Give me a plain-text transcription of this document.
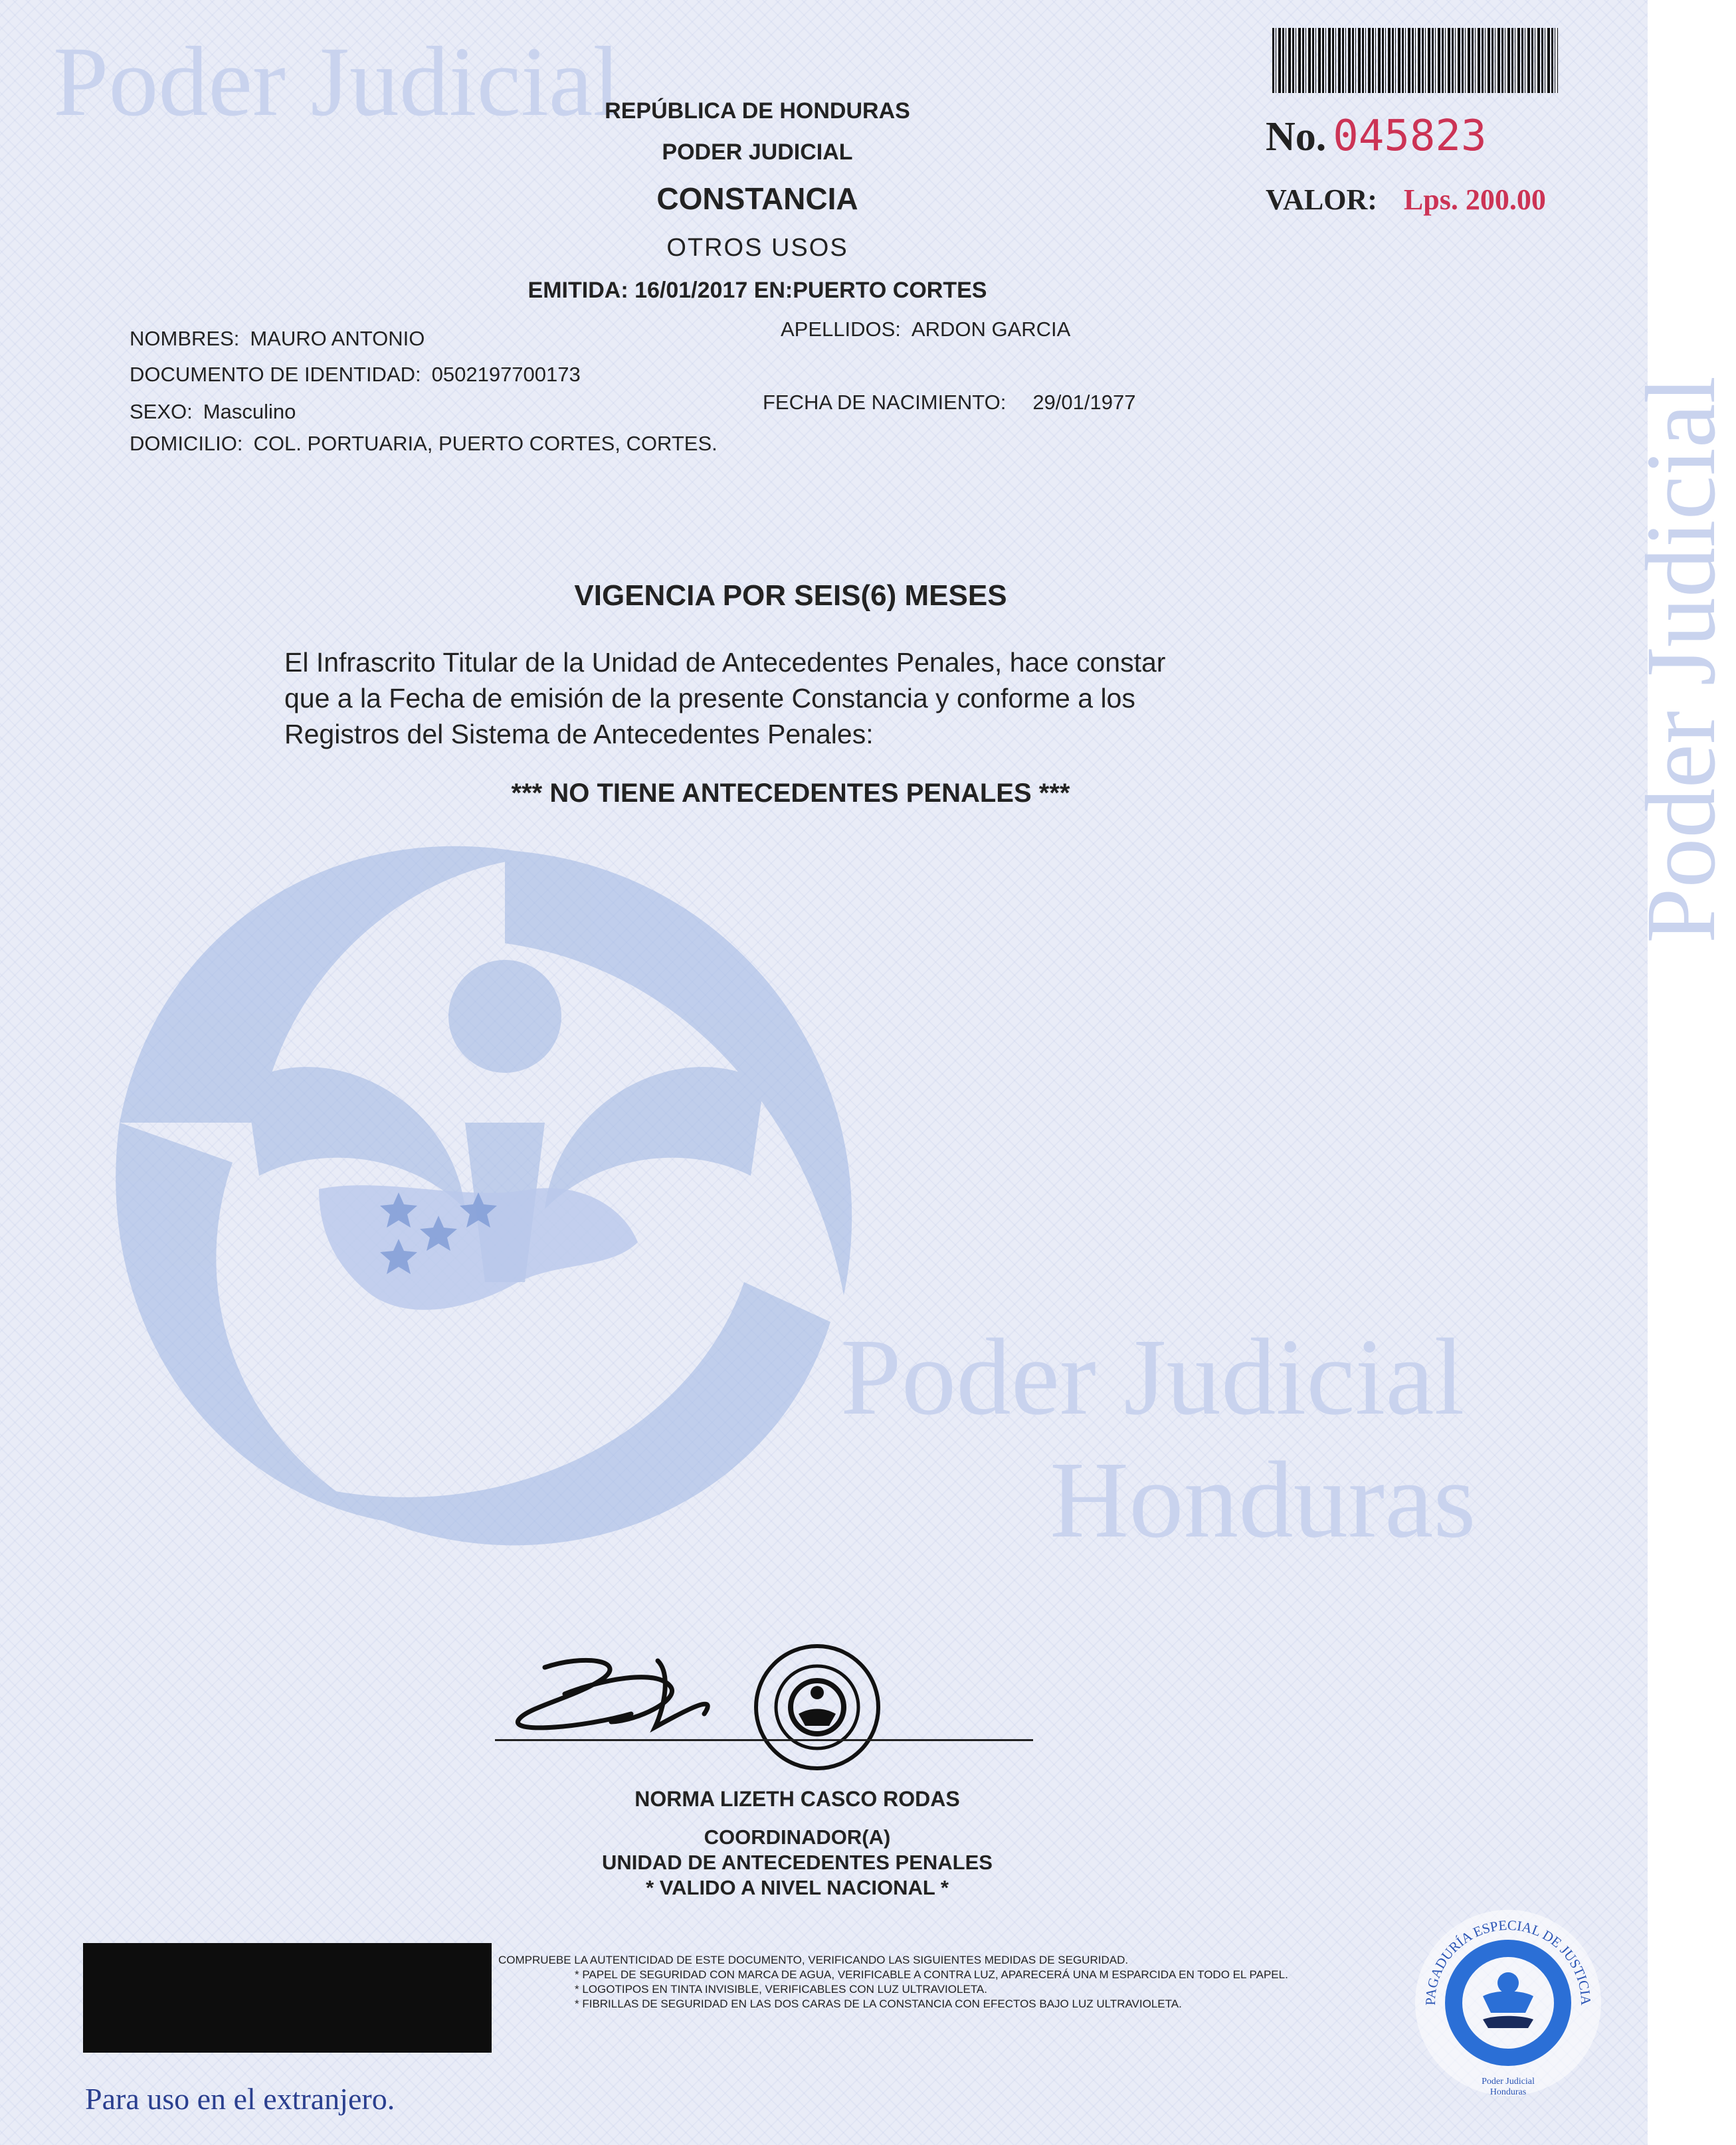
Poder Judicial
Poder Judicial
Poder Judicial
Honduras
No. 045823
VALOR: Lps. 200.00
REPÚBLICA DE HONDURAS
PODER JUDICIAL
CONSTANCIA
OTROS USOS
EMITIDA: 16/01/2017 EN:PUERTO CORTES
NOMBRES: MAURO ANTONIO	APELLIDOS: ARDON GARCIA
DOCUMENTO DE IDENTIDAD: 0502197700173
SEXO: Masculino	FECHA DE NACIMIENTO: 29/01/1977
DOMICILIO: COL. PORTUARIA, PUERTO CORTES, CORTES.
VIGENCIA POR SEIS(6) MESES
El Infrascrito Titular de la Unidad de Antecedentes Penales, hace constar
que a la Fecha de emisión de la presente Constancia y conforme a los
Registros del Sistema de Antecedentes Penales:
*** NO TIENE ANTECEDENTES PENALES ***
NORMA LIZETH CASCO RODAS
COORDINADOR(A)
UNIDAD DE ANTECEDENTES PENALES
* VALIDO A NIVEL NACIONAL *
COMPRUEBE LA AUTENTICIDAD DE ESTE DOCUMENTO, VERIFICANDO LAS SIGUIENTES MEDIDAS DE SEGURIDAD.
* PAPEL DE SEGURIDAD CON MARCA DE AGUA, VERIFICABLE A CONTRA LUZ, APARECERÁ UNA M ESPARCIDA EN TODO EL PAPEL.
* LOGOTIPOS EN TINTA INVISIBLE, VERIFICABLES CON LUZ ULTRAVIOLETA.
* FIBRILLAS DE SEGURIDAD EN LAS DOS CARAS DE LA CONSTANCIA CON EFECTOS BAJO LUZ ULTRAVIOLETA.
Para uso en el extranjero.
PAGADURÍA ESPECIAL DE JUSTICIA
Poder Judicial
Honduras
